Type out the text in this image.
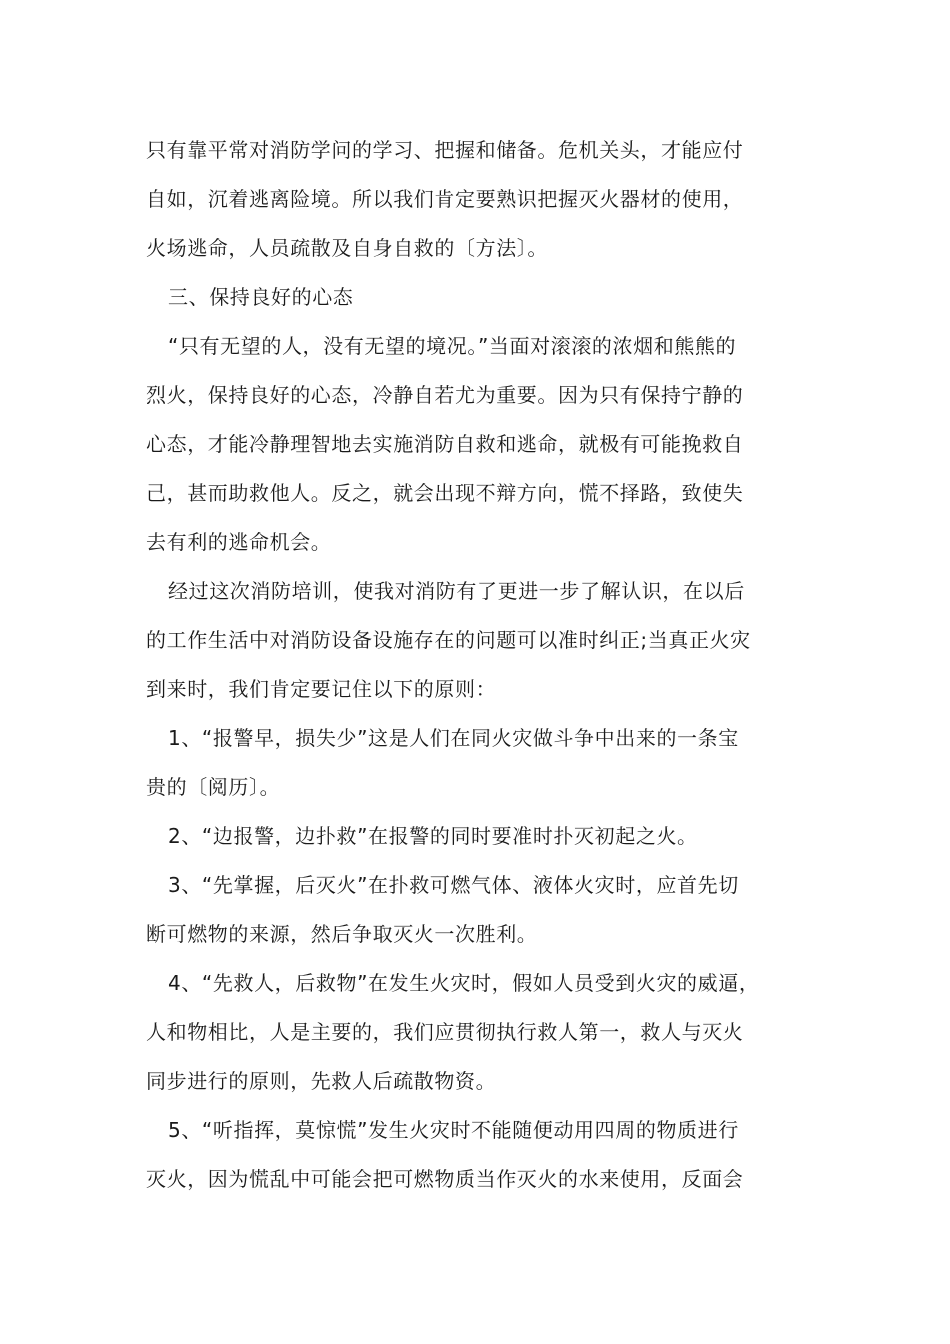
只有靠平常对消防学问的学习、把握和储备。危机关头，才能应付
自如，沉着逃离险境。所以我们肯定要熟识把握灭火器材的使用，
火场逃命，人员疏散及自身自救的〔方法〕。
三、保持良好的心态
“只有无望的人，没有无望的境况。”当面对滚滚的浓烟和熊熊的
烈火，保持良好的心态，冷静自若尤为重要。因为只有保持宁静的
心态，才能冷静理智地去实施消防自救和逃命，就极有可能挽救自
己，甚而助救他人。反之，就会出现不辩方向，慌不择路，致使失
去有利的逃命机会。
经过这次消防培训，使我对消防有了更进一步了解认识，在以后
的工作生活中对消防设备设施存在的问题可以准时纠正;当真正火灾
到来时，我们肯定要记住以下的原则：
1、“报警早，损失少”这是人们在同火灾做斗争中出来的一条宝
贵的〔阅历〕。
2、“边报警，边扑救”在报警的同时要准时扑灭初起之火。
3、“先掌握，后灭火”在扑救可燃气体、液体火灾时，应首先切
断可燃物的来源，然后争取灭火一次胜利。
4、“先救人，后救物”在发生火灾时，假如人员受到火灾的威逼，
人和物相比，人是主要的，我们应贯彻执行救人第一，救人与灭火
同步进行的原则，先救人后疏散物资。
5、“听指挥，莫惊慌”发生火灾时不能随便动用四周的物质进行
灭火，因为慌乱中可能会把可燃物质当作灭火的水来使用，反面会
